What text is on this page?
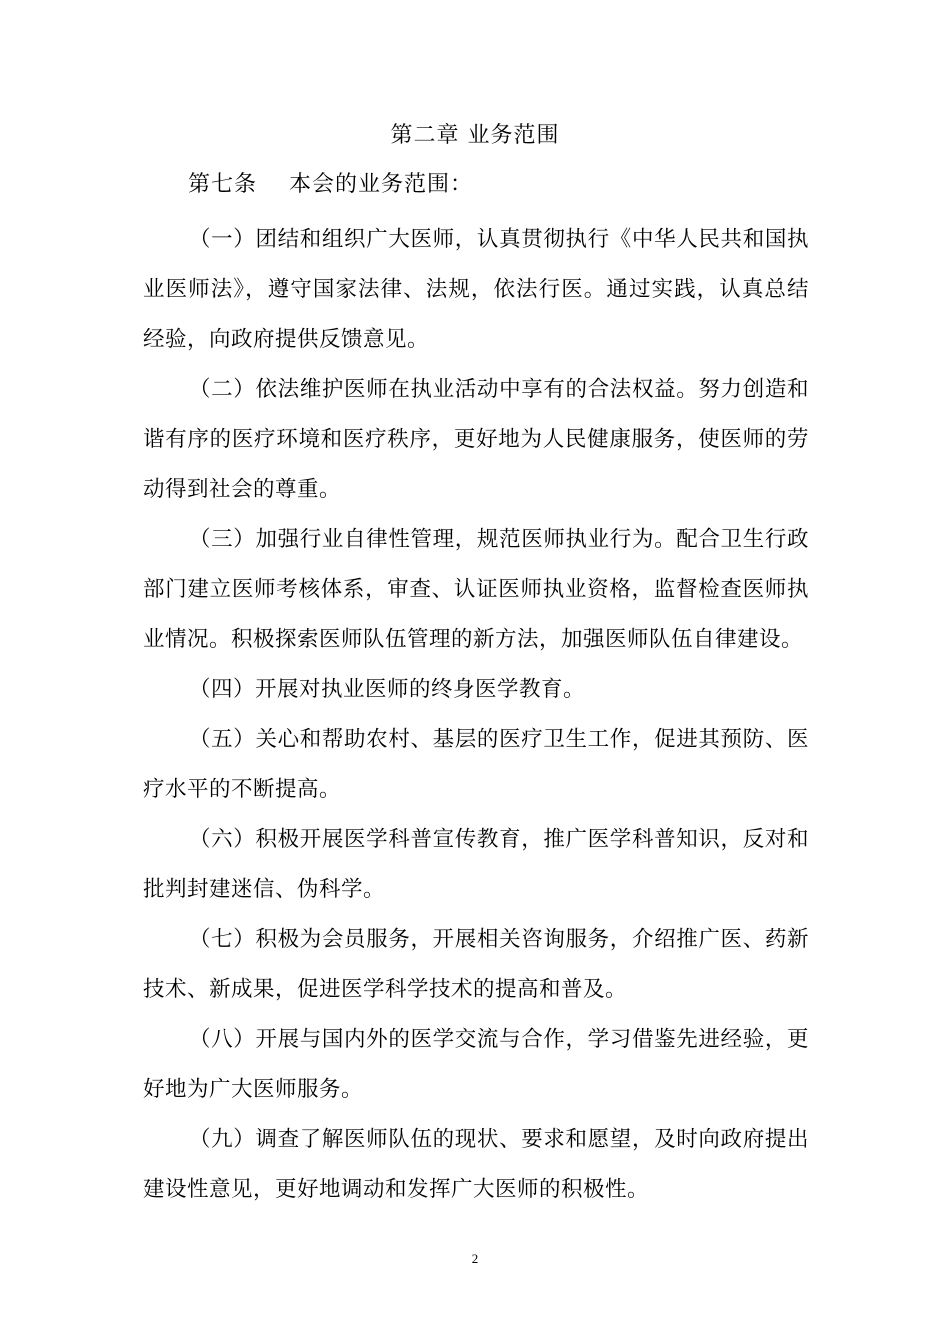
第二章 业务范围
第七条    本会的业务范围：

（一）团结和组织广大医师，认真贯彻执行《中华人民共和国执业医师法》，遵守国家法律、法规，依法行医。通过实践，认真总结经验，向政府提供反馈意见。

（二）依法维护医师在执业活动中享有的合法权益。努力创造和谐有序的医疗环境和医疗秩序，更好地为人民健康服务，使医师的劳动得到社会的尊重。

（三）加强行业自律性管理，规范医师执业行为。配合卫生行政部门建立医师考核体系，审查、认证医师执业资格，监督检查医师执业情况。积极探索医师队伍管理的新方法，加强医师队伍自律建设。

（四）开展对执业医师的终身医学教育。

（五）关心和帮助农村、基层的医疗卫生工作，促进其预防、医疗水平的不断提高。

（六）积极开展医学科普宣传教育，推广医学科普知识，反对和批判封建迷信、伪科学。

（七）积极为会员服务，开展相关咨询服务，介绍推广医、药新技术、新成果，促进医学科学技术的提高和普及。

（八）开展与国内外的医学交流与合作，学习借鉴先进经验，更好地为广大医师服务。

（九）调查了解医师队伍的现状、要求和愿望，及时向政府提出建设性意见，更好地调动和发挥广大医师的积极性。

2
